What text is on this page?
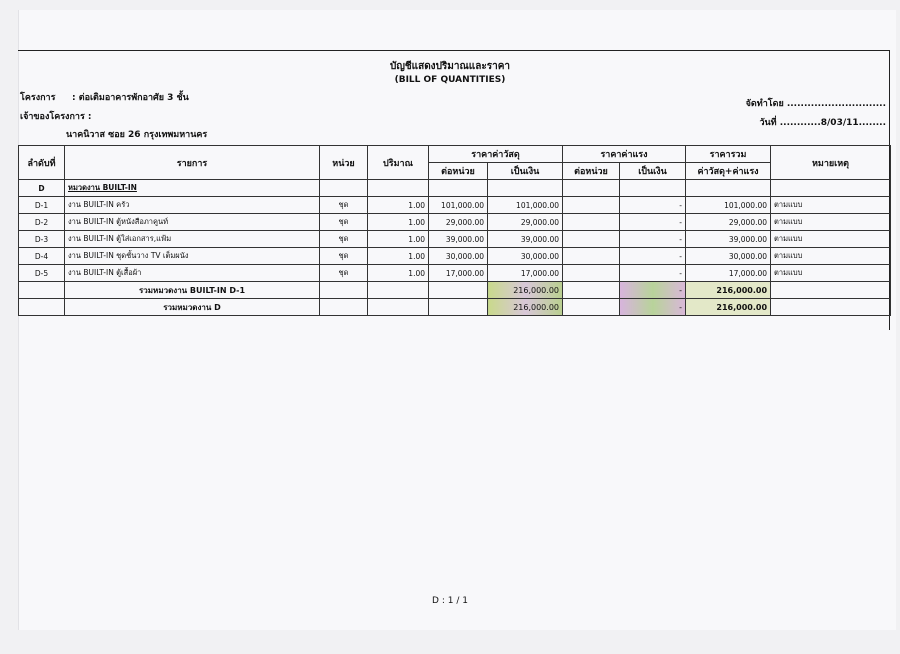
บัญชีแสดงปริมาณและราคา
(BILL OF QUANTITIES)
โครงการ : ต่อเติมอาคารพักอาศัย 3 ชั้น
เจ้าของโครงการ :
นาคนิวาส ซอย 26 กรุงเทพมหานคร
จัดทำโดย .............................
วันที่ ............8/03/11........
ลำดับที่	รายการ	หน่วย	ปริมาณ	ราคาค่าวัสดุ		ราคาค่าแรง		ราคารวม	หมายเหตุ
				ต่อหน่วย	เป็นเงิน	ต่อหน่วย	เป็นเงิน	ค่าวัสดุ+ค่าแรง	
D	หมวดงาน BUILT-IN								
D-1	งาน BUILT-IN ครัว	ชุด	1.00	101,000.00	101,000.00		-	101,000.00	ตามแบบ
D-2	งาน BUILT-IN ตู้หนังสือภาคูนท์	ชุด	1.00	29,000.00	29,000.00		-	29,000.00	ตามแบบ
D-3	งาน BUILT-IN ตู้ใส่เอกสาร,แฟ้ม	ชุด	1.00	39,000.00	39,000.00		-	39,000.00	ตามแบบ
D-4	งาน BUILT-IN ชุดชั้นวาง TV เต็มผนัง	ชุด	1.00	30,000.00	30,000.00		-	30,000.00	ตามแบบ
D-5	งาน BUILT-IN ตู้เสื้อผ้า	ชุด	1.00	17,000.00	17,000.00		-	17,000.00	ตามแบบ
	รวมหมวดงาน BUILT-IN D-1				216,000.00		-	216,000.00	
	รวมหมวดงาน D				216,000.00		-	216,000.00	
D : 1 / 1
